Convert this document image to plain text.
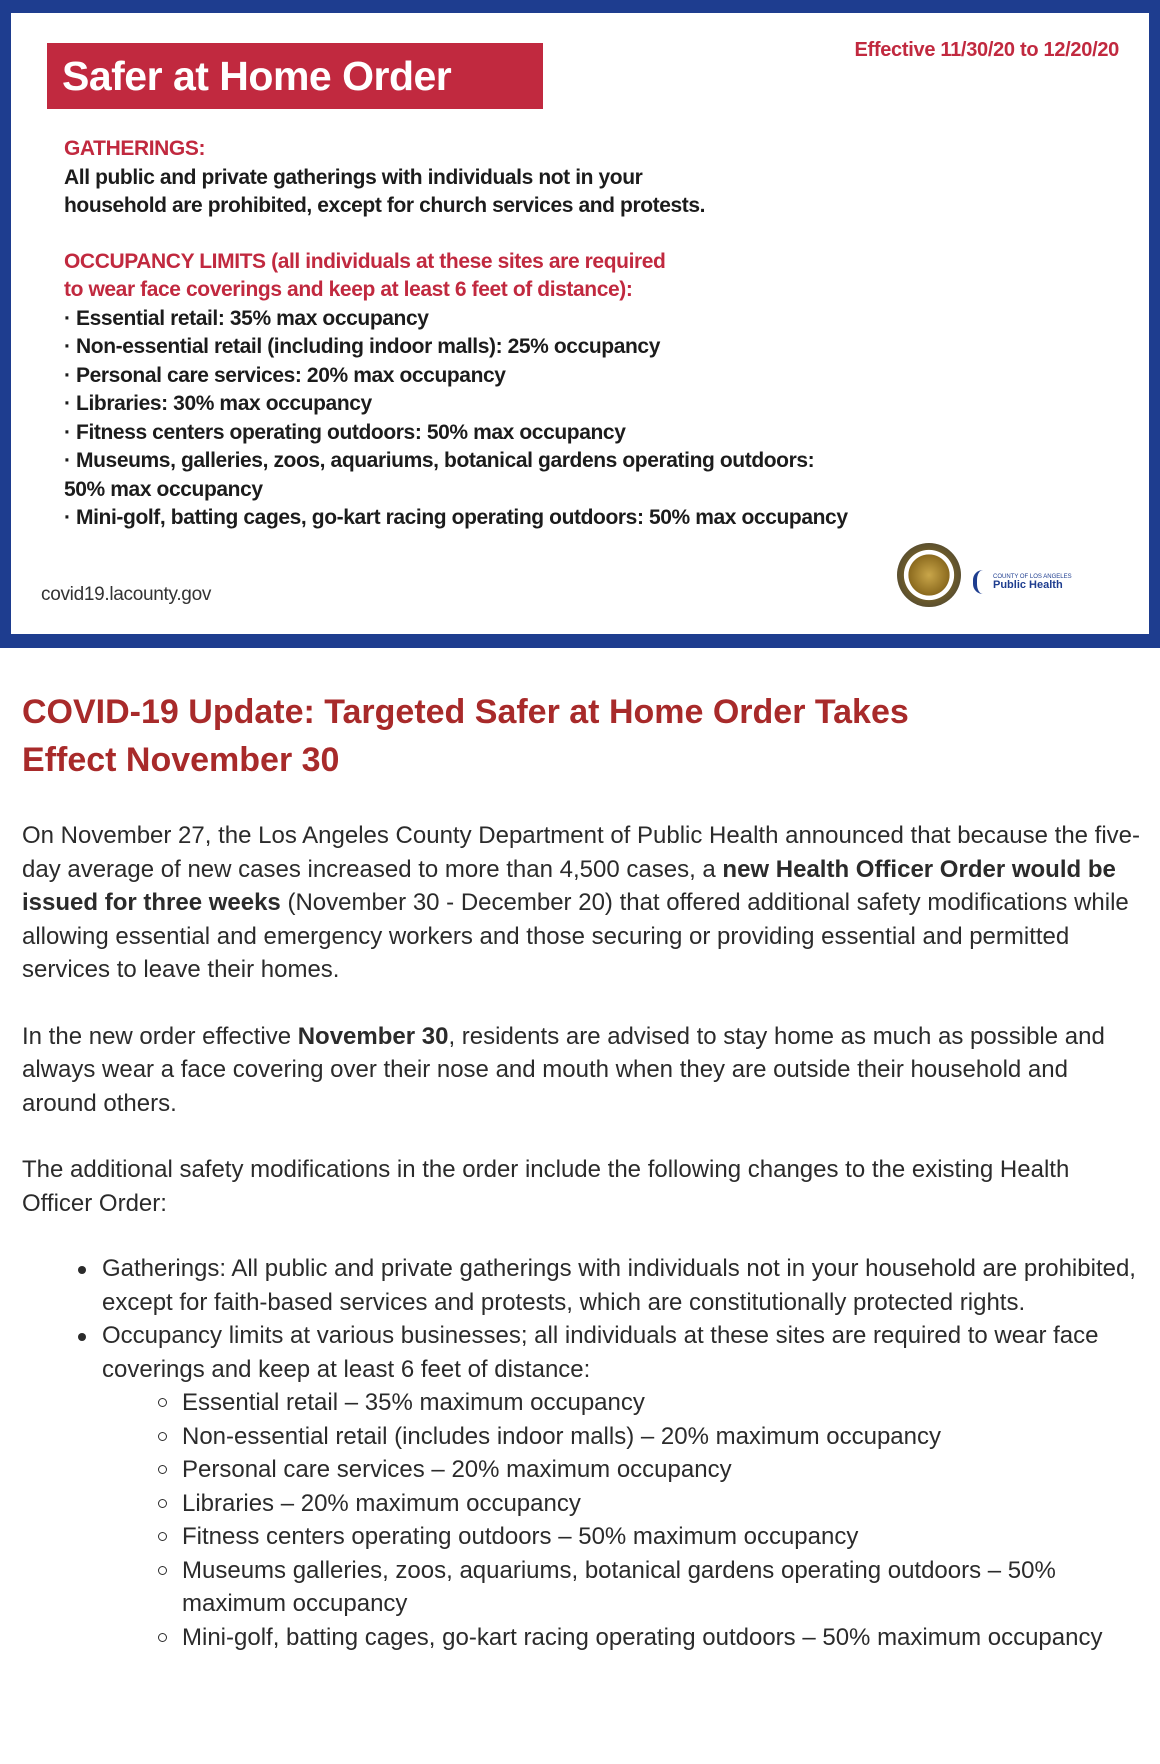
Safer at Home Order
Effective 11/30/20 to 12/20/20
GATHERINGS:
All public and private gatherings with individuals not in your
household are prohibited, except for church services and protests.
OCCUPANCY LIMITS (all individuals at these sites are required
to wear face coverings and keep at least 6 feet of distance):
· Essential retail: 35% max occupancy
· Non-essential retail (including indoor malls): 25% occupancy
· Personal care services: 20% max occupancy
· Libraries: 30% max occupancy
· Fitness centers operating outdoors: 50% max occupancy
· Museums, galleries, zoos, aquariums, botanical gardens operating outdoors:
50% max occupancy
· Mini-golf, batting cages, go-kart racing operating outdoors: 50% max occupancy
covid19.lacounty.gov
COUNTY OF LOS ANGELES
Public Health
COVID-19 Update: Targeted Safer at Home Order Takes
Effect November 30

On November 27, the Los Angeles County Department of Public Health announced that because the five-day average of new cases increased to more than 4,500 cases, a new Health Officer Order would be issued for three weeks (November 30 - December 20) that offered additional safety modifications while allowing essential and emergency workers and those securing or providing essential and permitted services to leave their homes.

In the new order effective November 30, residents are advised to stay home as much as possible and always wear a face covering over their nose and mouth when they are outside their household and around others.

The additional safety modifications in the order include the following changes to the existing Health Officer Order:

Gatherings: All public and private gatherings with individuals not in your household are prohibited, except for faith-based services and protests, which are constitutionally protected rights.
Occupancy limits at various businesses; all individuals at these sites are required to wear face coverings and keep at least 6 feet of distance:
Essential retail – 35% maximum occupancy
Non-essential retail (includes indoor malls) – 20% maximum occupancy
Personal care services – 20% maximum occupancy
Libraries – 20% maximum occupancy
Fitness centers operating outdoors – 50% maximum occupancy
Museums galleries, zoos, aquariums, botanical gardens operating outdoors – 50% maximum occupancy
Mini-golf, batting cages, go-kart racing operating outdoors – 50% maximum occupancy
